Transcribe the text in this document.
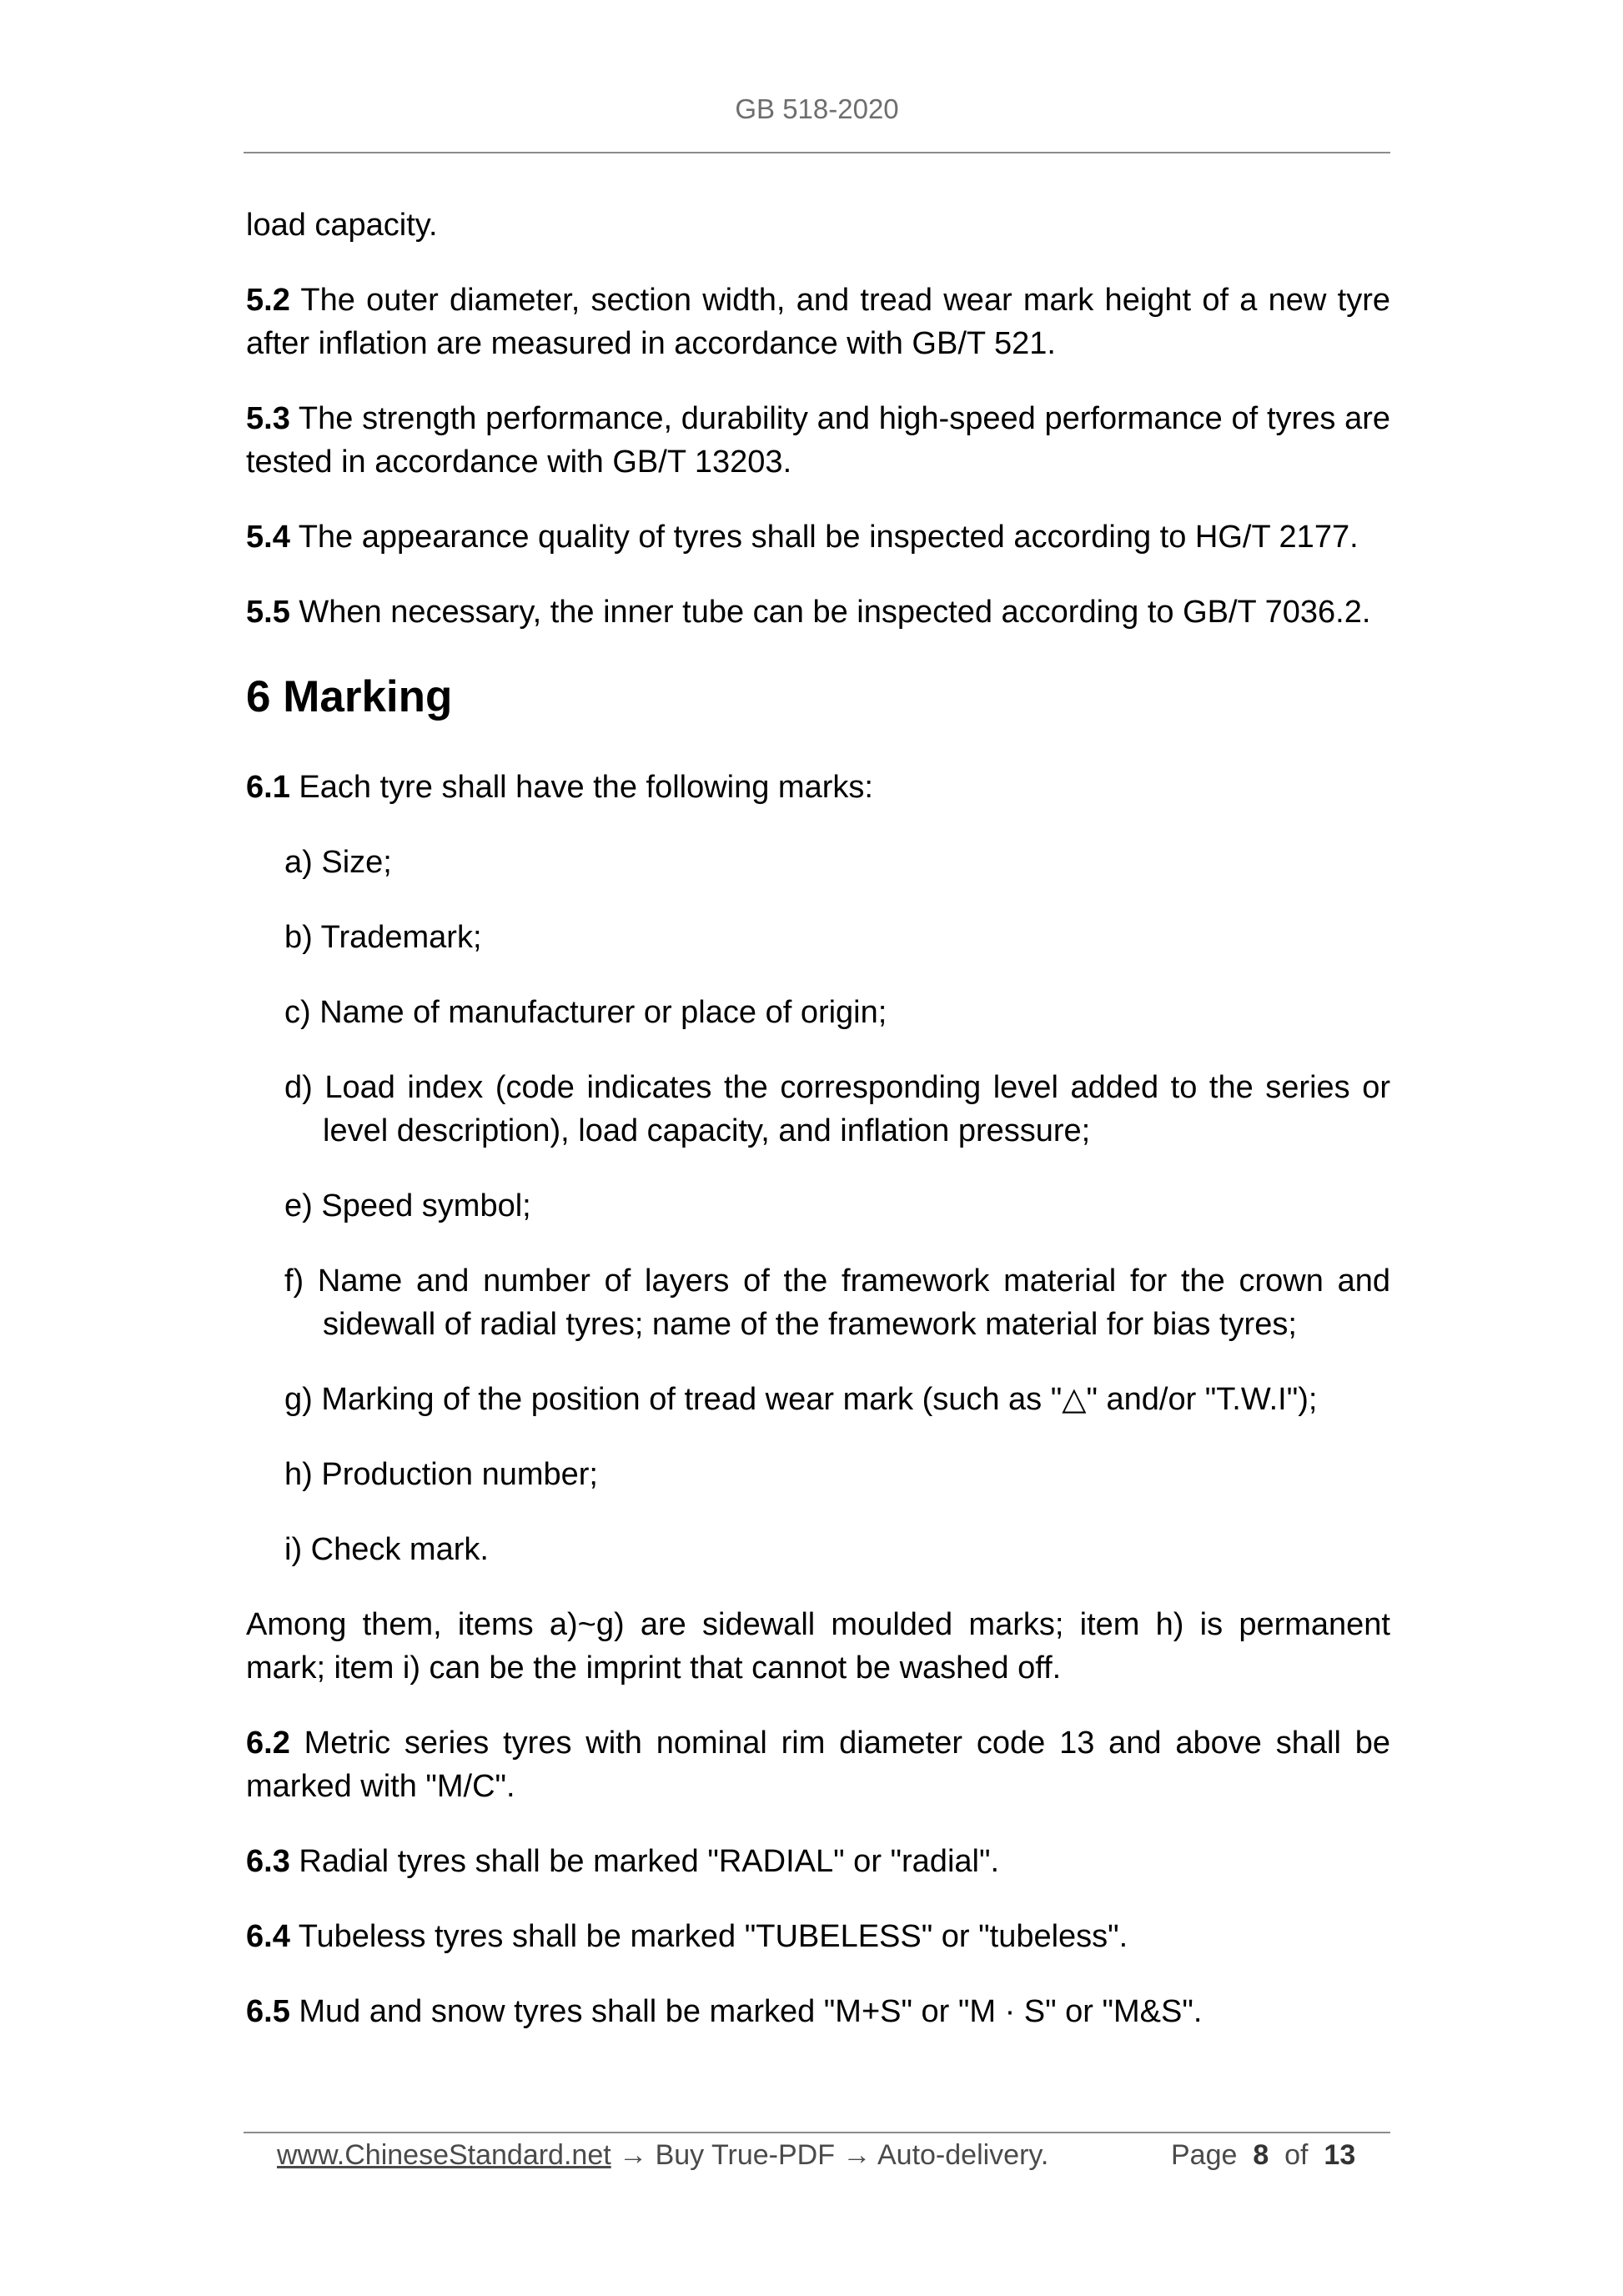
GB 518-2020

load capacity.

5.2 The outer diameter, section width, and tread wear mark height of a new tyre after inflation are measured in accordance with GB/T 521.

5.3 The strength performance, durability and high-speed performance of tyres are tested in accordance with GB/T 13203.

5.4 The appearance quality of tyres shall be inspected according to HG/T 2177.

5.5 When necessary, the inner tube can be inspected according to GB/T 7036.2.

6 Marking

6.1 Each tyre shall have the following marks:

a) Size;

b) Trademark;

c) Name of manufacturer or place of origin;

d) Load index (code indicates the corresponding level added to the series or level description), load capacity, and inflation pressure;

e) Speed symbol;

f) Name and number of layers of the framework material for the crown and sidewall of radial tyres; name of the framework material for bias tyres;

g) Marking of the position of tread wear mark (such as "△" and/or "T.W.I");

h) Production number;

i) Check mark.

Among them, items a)~g) are sidewall moulded marks; item h) is permanent mark; item i) can be the imprint that cannot be washed off.

6.2 Metric series tyres with nominal rim diameter code 13 and above shall be marked with "M/C".

6.3 Radial tyres shall be marked "RADIAL" or "radial".

6.4 Tubeless tyres shall be marked "TUBELESS" or "tubeless".

6.5 Mud and snow tyres shall be marked "M+S" or "M · S" or "M&S".

www.ChineseStandard.net → Buy True-PDF → Auto-delivery.	Page 8 of 13
